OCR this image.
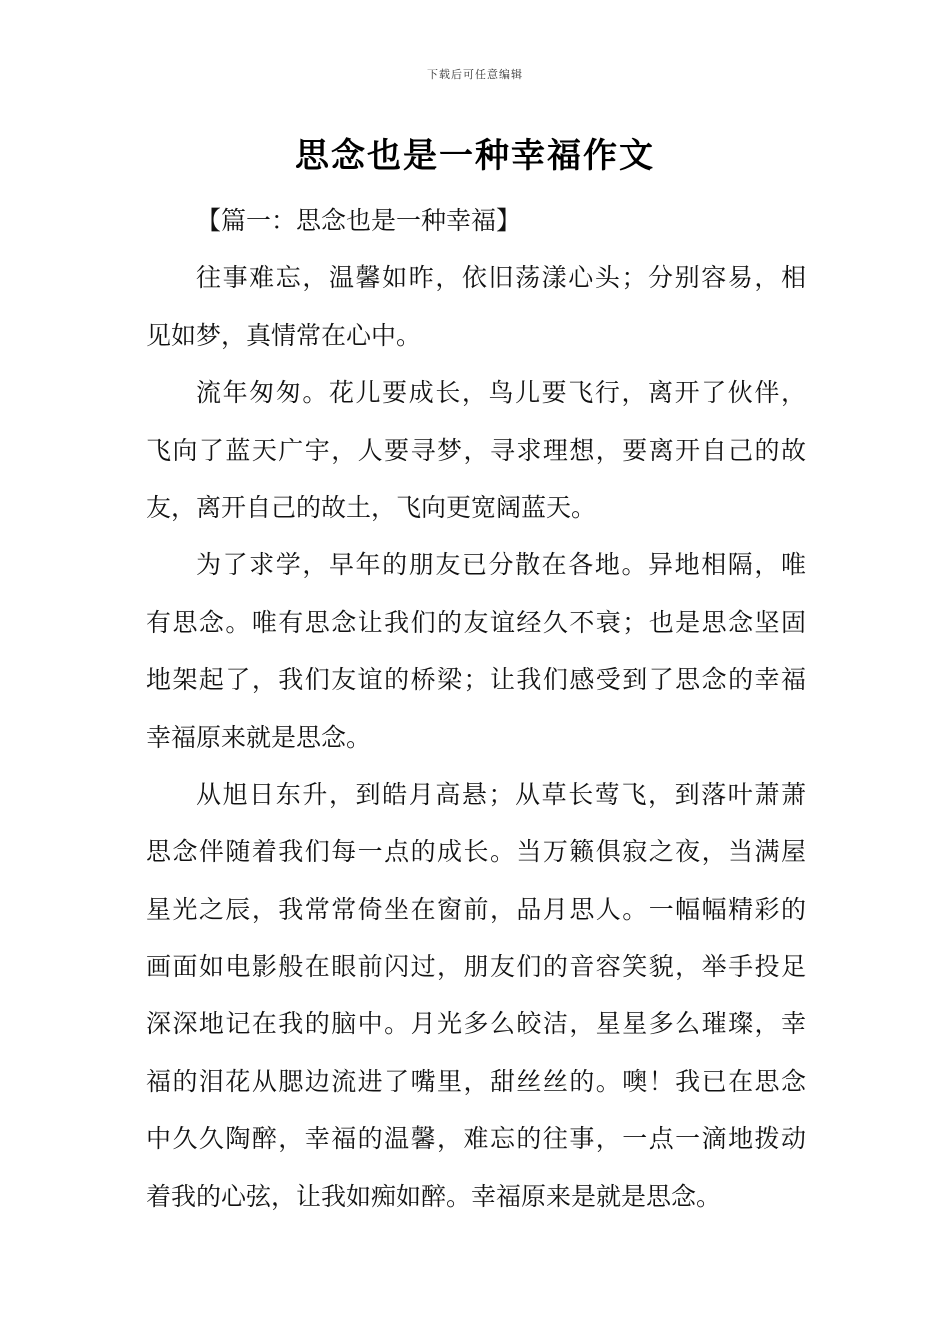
下载后可任意编辑
思念也是一种幸福作文
【篇一：思念也是一种幸福】
往事难忘，温馨如昨，依旧荡漾心头；分别容易，相
见如梦，真情常在心中。
流年匆匆。花儿要成长，鸟儿要飞行，离开了伙伴，
飞向了蓝天广宇，人要寻梦，寻求理想，要离开自己的故
友，离开自己的故土，飞向更宽阔蓝天。
为了求学，早年的朋友已分散在各地。异地相隔，唯
有思念。唯有思念让我们的友谊经久不衰；也是思念坚固
地架起了，我们友谊的桥梁；让我们感受到了思念的幸福
幸福原来就是思念。
从旭日东升，到皓月高悬；从草长莺飞，到落叶萧萧
思念伴随着我们每一点的成长。当万籁俱寂之夜，当满屋
星光之辰，我常常倚坐在窗前，品月思人。一幅幅精彩的
画面如电影般在眼前闪过，朋友们的音容笑貌，举手投足
深深地记在我的脑中。月光多么皎洁，星星多么璀璨，幸
福的泪花从腮边流进了嘴里，甜丝丝的。噢！我已在思念
中久久陶醉，幸福的温馨，难忘的往事，一点一滴地拨动
着我的心弦，让我如痴如醉。幸福原来是就是思念。
